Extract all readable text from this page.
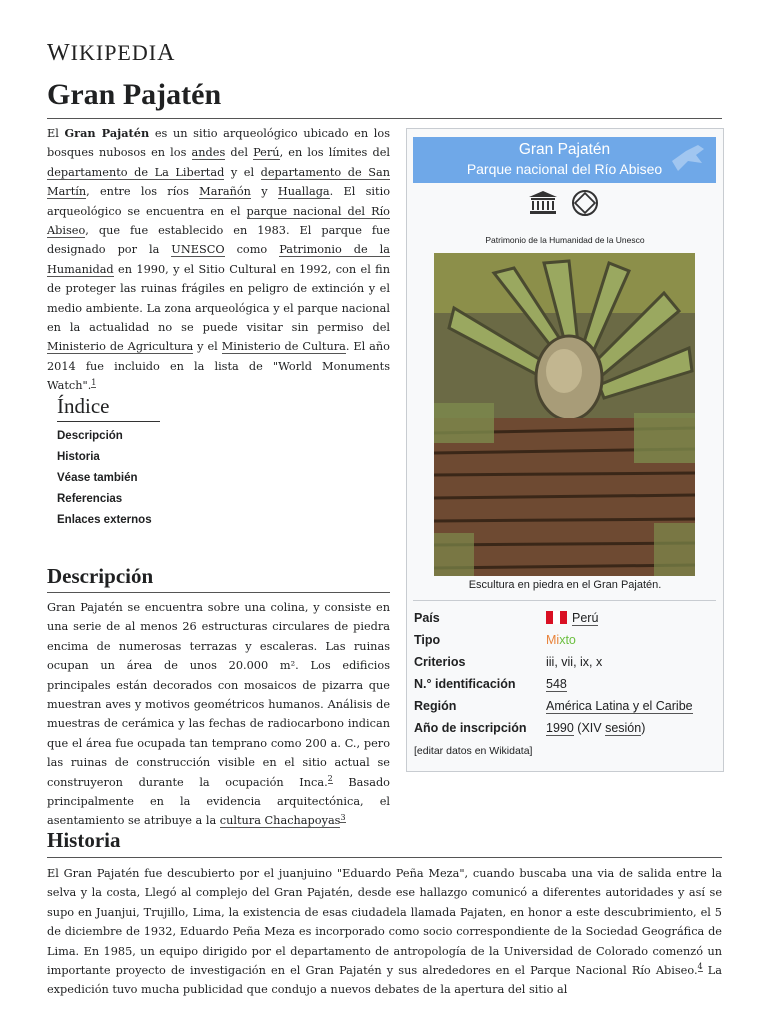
WIKIPEDIA
Gran Pajatén

El Gran Pajatén es un sitio arqueológico ubicado en los bosques nubosos en los andes del Perú, en los límites del departamento de La Libertad y el departamento de San Martín, entre los ríos Marañón y Huallaga. El sitio arqueológico se encuentra en el parque nacional del Río Abiseo, que fue establecido en 1983. El parque fue designado por la UNESCO como Patrimonio de la Humanidad en 1990, y el Sitio Cultural en 1992, con el fin de proteger las ruinas frágiles en peligro de extinción y el medio ambiente. La zona arqueológica y el parque nacional en la actualidad no se puede visitar sin permiso del Ministerio de Agricultura y el Ministerio de Cultura. El año 2014 fue incluido en la lista de "World Monuments Watch".$^1$

Índice
Descripción
Historia
Véase también
Referencias
Enlaces externos
Descripción

Gran Pajatén se encuentra sobre una colina, y consiste en una serie de al menos 26 estructuras circulares de piedra encima de numerosas terrazas y escaleras. Las ruinas ocupan un área de unos 20.000 m². Los edificios principales están decorados con mosaicos de pizarra que muestran aves y motivos geométricos humanos. Análisis de muestras de cerámica y las fechas de radiocarbono indican que el área fue ocupada tan temprano como 200 a. C., pero las ruinas de construcción visible en el sitio actual se construyeron durante la ocupación Inca.$^2$ Basado principalmente en la evidencia arquitectónica, el asentamiento se atribuye a la cultura Chachapoyas$^3$

Historia

El Gran Pajatén fue descubierto por el juanjuino "Eduardo Peña Meza", cuando buscaba una via de salida entre la selva y la costa, Llegó al complejo del Gran Pajatén, desde ese hallazgo comunicó a diferentes autoridades y así se supo en Juanjui, Trujillo, Lima, la existencia de esas ciudadela llamada Pajaten, en honor a este descubrimiento, el 5 de diciembre de 1932, Eduardo Peña Meza es incorporado como socio correspondiente de la Sociedad Geográfica de Lima. En 1985, un equipo dirigido por el departamento de antropología de la Universidad de Colorado comenzó un importante proyecto de investigación en el Gran Pajatén y sus alrededores en el Parque Nacional Río Abiseo.$^4$ La expedición tuvo mucha publicidad que condujo a nuevos debates de la apertura del sitio al

Gran Pajatén
Parque nacional del Río Abiseo
Patrimonio de la Humanidad de la Unesco
Escultura en piedra en el Gran Pajatén.
País	Perú
Tipo	Mixto
Criterios	iii, vii, ix, x
N.° identificación 548
Región	América Latina y el Caribe
Año de inscripción 1990 (XIV sesión)
[editar datos en Wikidata]
